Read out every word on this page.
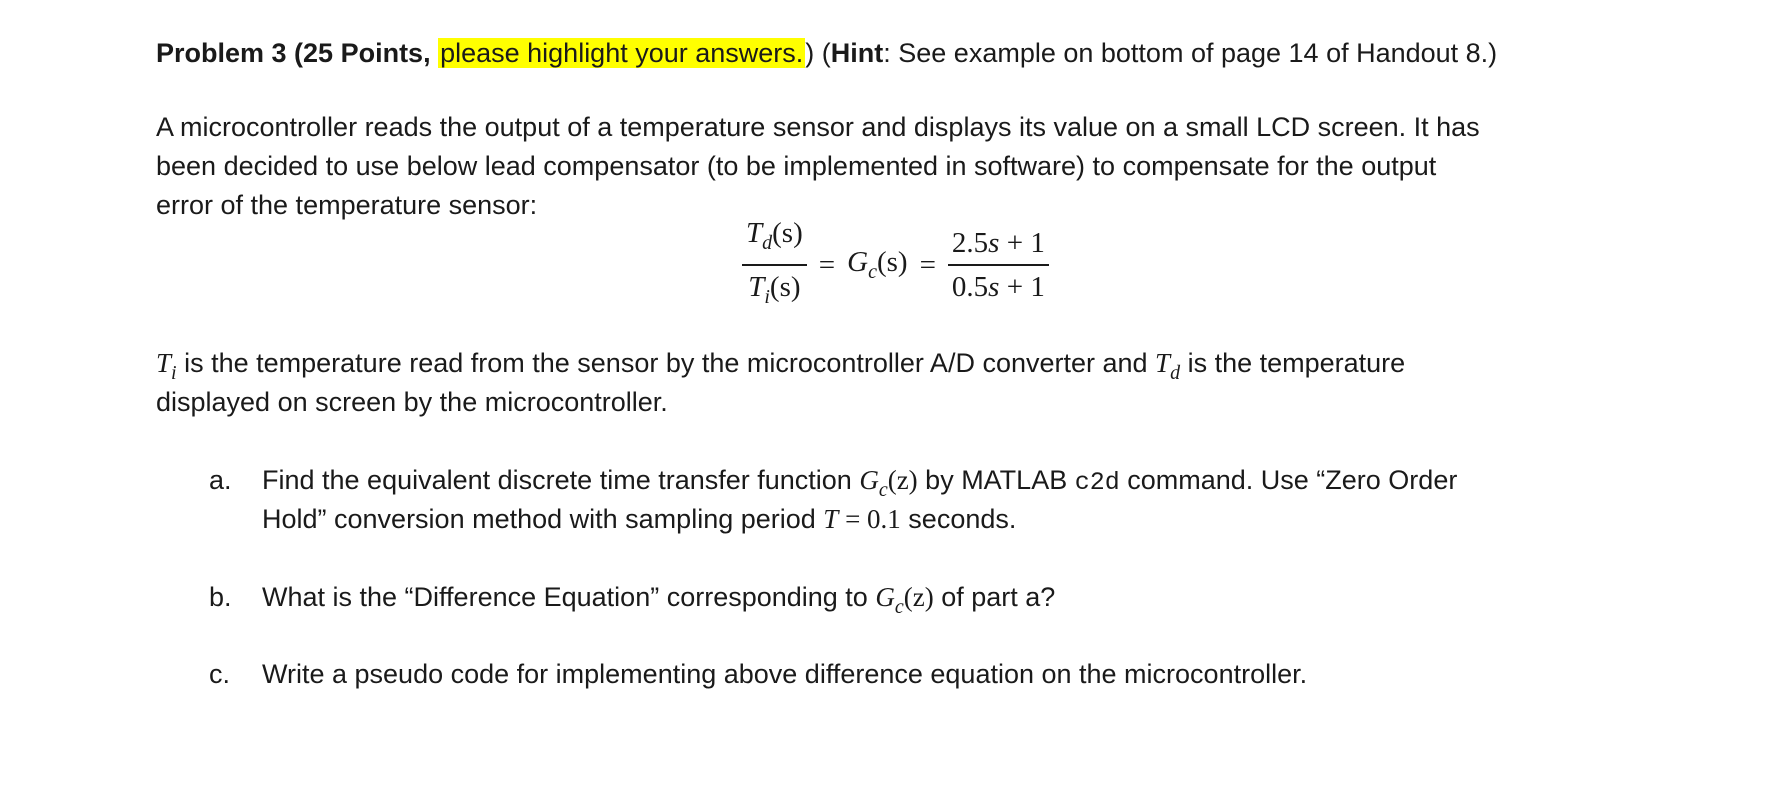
Problem 3 (25 Points, please highlight your answers.) (Hint: See example on bottom of page 14 of Handout 8.)
A microcontroller reads the output of a temperature sensor and displays its value on a small LCD screen. It has
been decided to use below lead compensator (to be implemented in software) to compensate for the output
error of the temperature sensor:
$\frac{T_d(s)}{T_i(s)} = G_c(s) = \frac{2.5s + 1}{0.5s + 1}$
$T_i$ is the temperature read from the sensor by the microcontroller A/D converter and $T_d$ is the temperature
displayed on screen by the microcontroller.
a. Find the equivalent discrete time transfer function $G_c(z)$ by MATLAB c2d command. Use “Zero Order
Hold” conversion method with sampling period T = 0.1 seconds.
b. What is the “Difference Equation” corresponding to $G_c(z)$ of part a?
c. Write a pseudo code for implementing above difference equation on the microcontroller.
